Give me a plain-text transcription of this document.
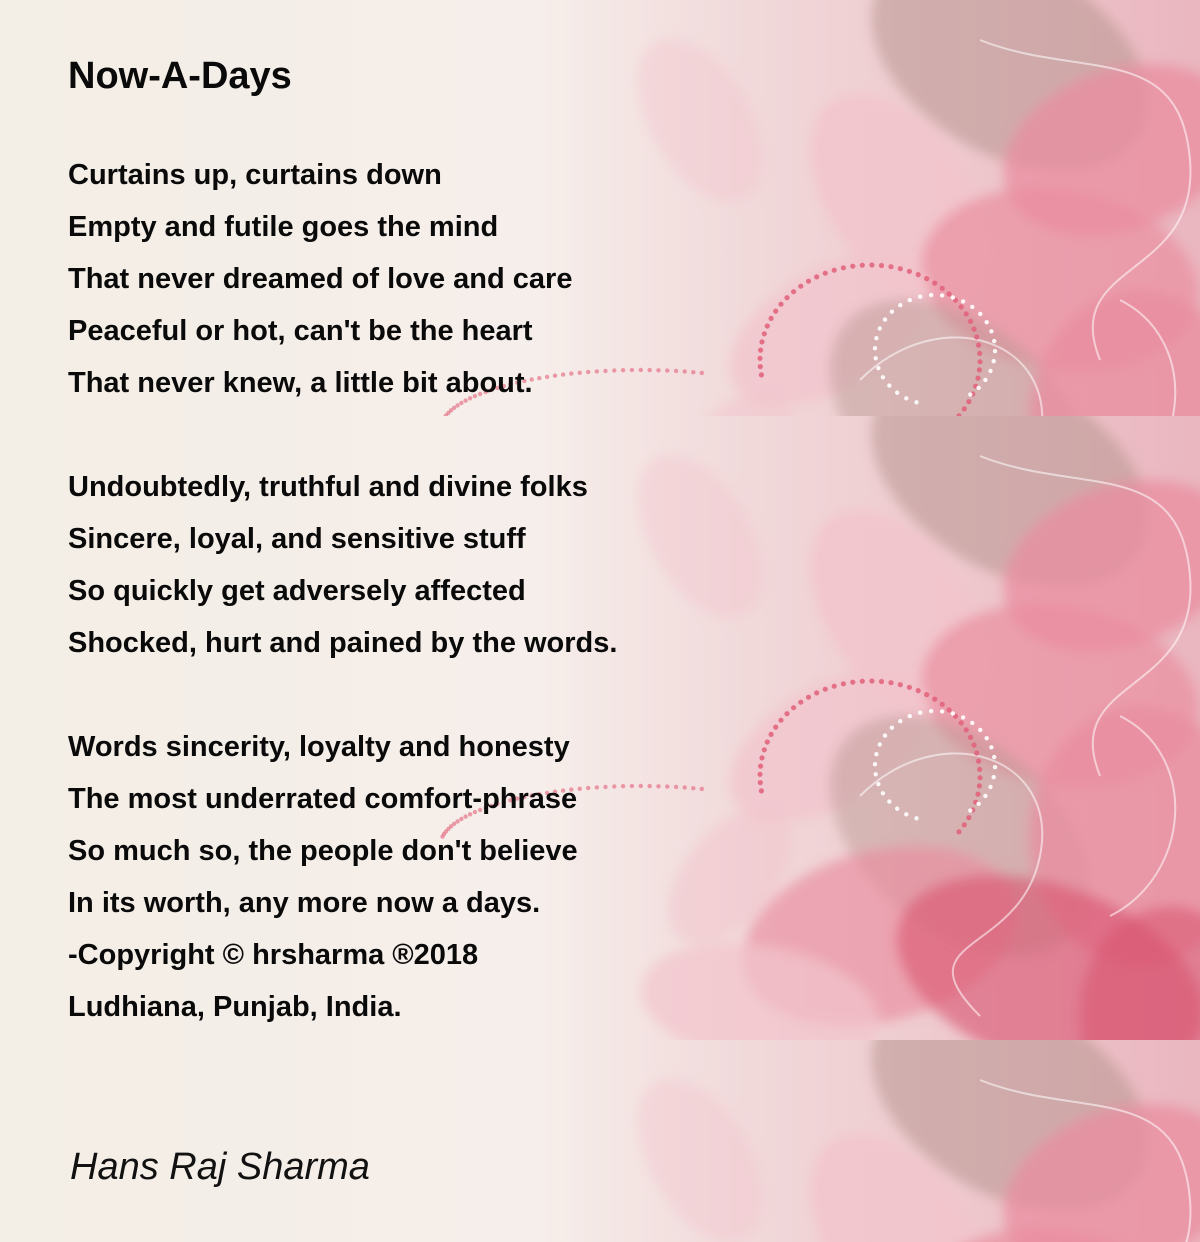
Now-A-Days
Curtains up, curtains down
Empty and futile goes the mind
That never dreamed of love and care
Peaceful or hot, can't be the heart
That never knew, a little bit about.
Undoubtedly, truthful and divine folks
Sincere, loyal, and sensitive stuff
So quickly get adversely affected
Shocked, hurt and pained by the words.
Words sincerity, loyalty and honesty
The most underrated comfort-phrase
So much so, the people don't believe
In its worth, any more now a days.
-Copyright © hrsharma ®2018
Ludhiana, Punjab, India.

Hans Raj Sharma
